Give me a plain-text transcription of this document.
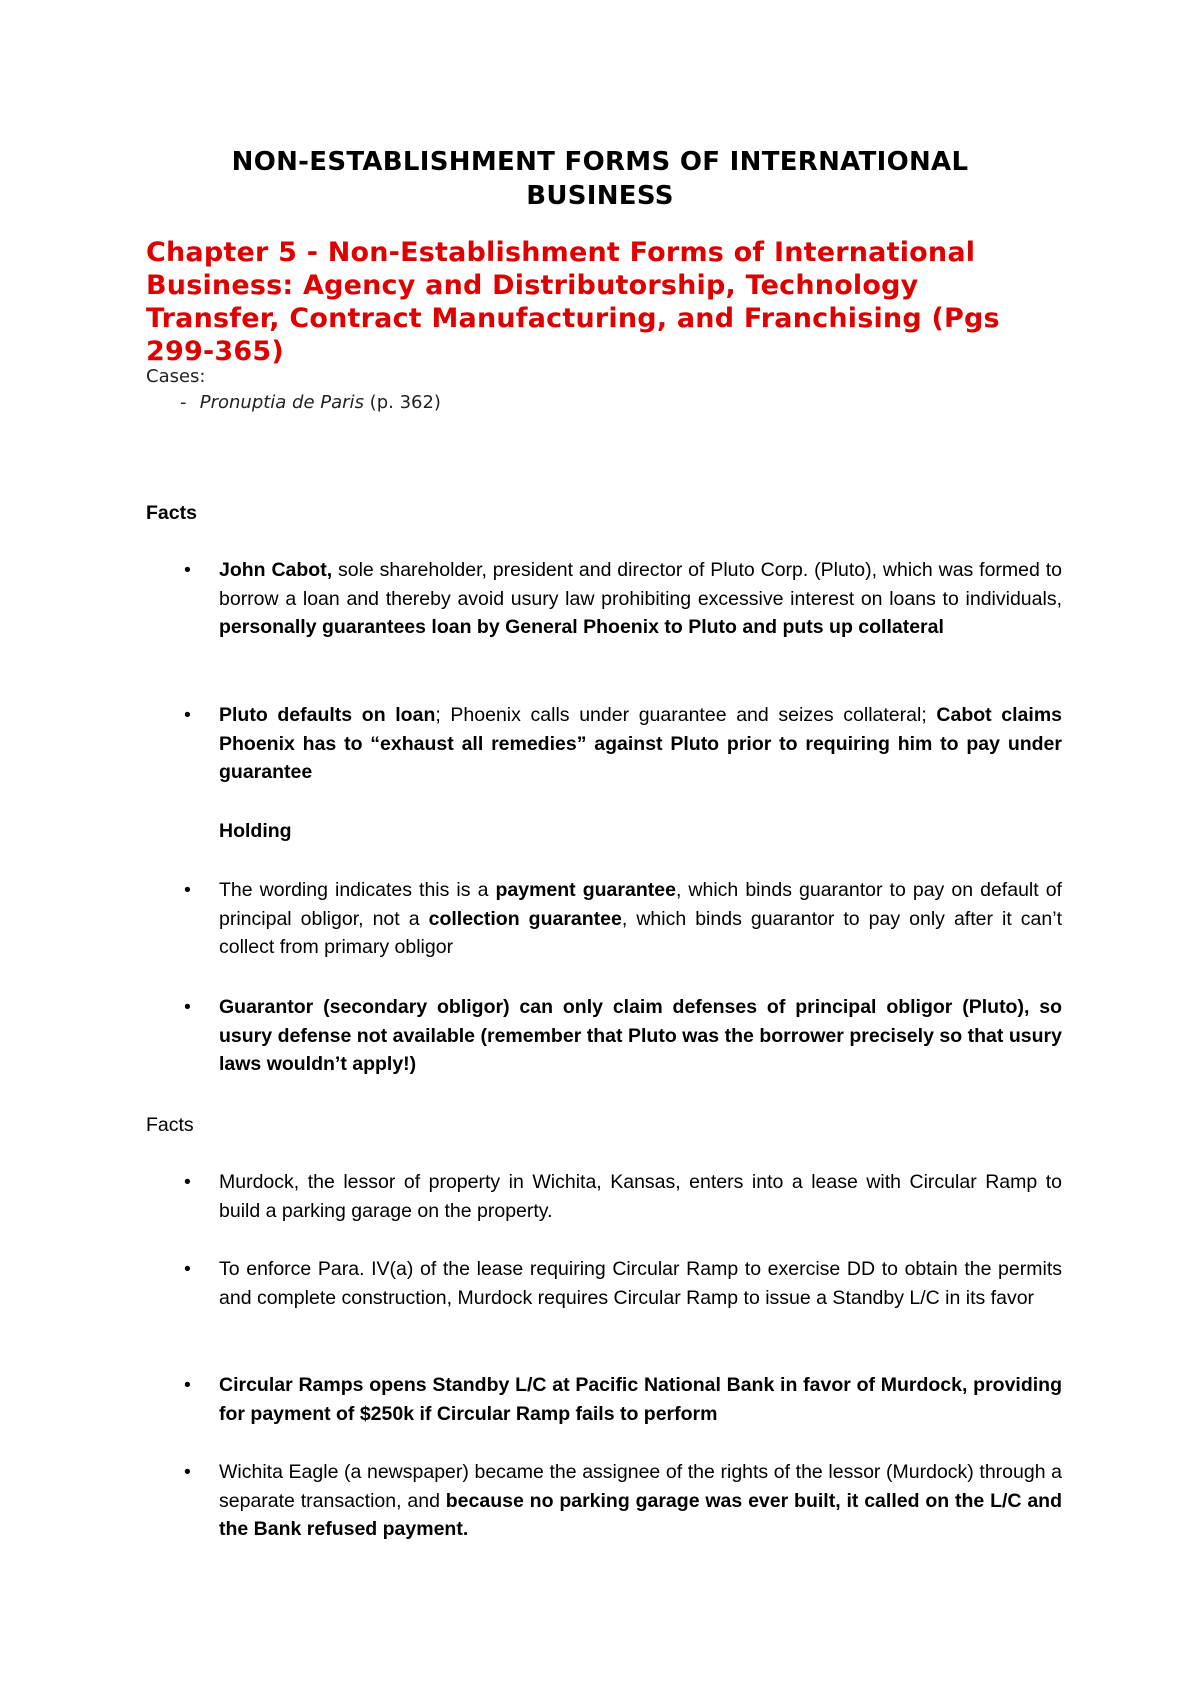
NON-ESTABLISHMENT FORMS OF INTERNATIONAL
BUSINESS
Chapter 5 - Non-Establishment Forms of International Business: Agency and Distributorship, Technology Transfer, Contract Manufacturing, and Franchising (Pgs 299-365)
Cases:
- Pronuptia de Paris (p. 362)
Facts
• John Cabot, sole shareholder, president and director of Pluto Corp. (Pluto), which was formed to borrow a loan and thereby avoid usury law prohibiting excessive interest on loans to individuals, personally guarantees loan by General Phoenix to Pluto and puts up collateral
• Pluto defaults on loan; Phoenix calls under guarantee and seizes collateral; Cabot claims Phoenix has to “exhaust all remedies” against Pluto prior to requiring him to pay under guarantee
Holding
• The wording indicates this is a payment guarantee, which binds guarantor to pay on default of principal obligor, not a collection guarantee, which binds guarantor to pay only after it can’t collect from primary obligor
• Guarantor (secondary obligor) can only claim defenses of principal obligor (Pluto), so usury defense not available (remember that Pluto was the borrower precisely so that usury laws wouldn’t apply!)
Facts
• Murdock, the lessor of property in Wichita, Kansas, enters into a lease with Circular Ramp to build a parking garage on the property.
• To enforce Para. IV(a) of the lease requiring Circular Ramp to exercise DD to obtain the permits and complete construction, Murdock requires Circular Ramp to issue a Standby L/C in its favor
• Circular Ramps opens Standby L/C at Pacific National Bank in favor of Murdock, providing for payment of $250k if Circular Ramp fails to perform
• Wichita Eagle (a newspaper) became the assignee of the rights of the lessor (Murdock) through a separate transaction, and because no parking garage was ever built, it called on the L/C and the Bank refused payment.
